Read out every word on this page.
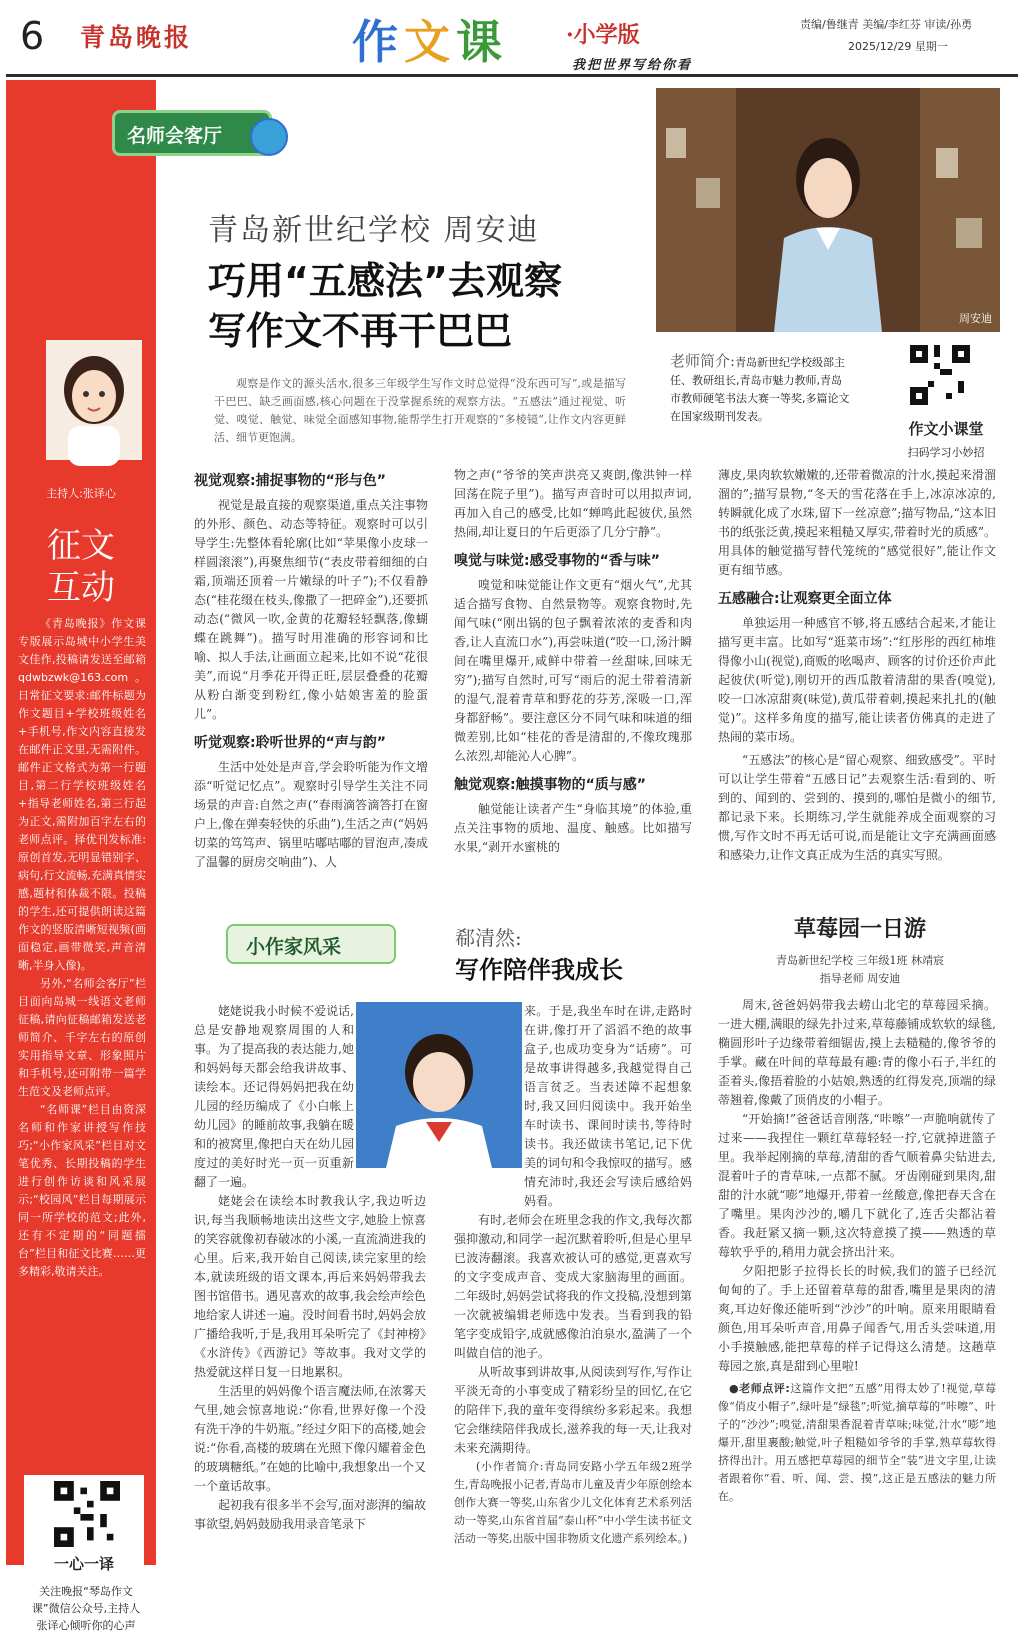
6 青岛晚报	作文课	·小学版
我把世界写给你看
责编/鲁继青 美编/李红芬 审读/孙勇
2025/12/29 星期一
主持人:张译心
征文
互动

《青岛晚报》作文课专版展示岛城中小学生美文佳作,投稿请发送至邮箱qdwbzwk@163.com。日常征文要求:邮件标题为作文题目+学校班级姓名+手机号,作文内容直接发在邮件正文里,无需附件。邮件正文格式为第一行题目,第二行学校班级姓名+指导老师姓名,第三行起为正文,需附加百字左右的老师点评。择优刊发标准:原创首发,无明显错别字、病句,行文流畅,充满真情实感,题材和体裁不限。投稿的学生,还可提供朗读这篇作文的竖版清晰短视频(画面稳定,画带微笑,声音清晰,半身入像)。

另外,“名师会客厅”栏目面向岛城一线语文老师征稿,请向征稿邮箱发送老师简介、千字左右的原创实用指导文章、形象照片和手机号,还可附带一篇学生范文及老师点评。

“名师课”栏目由资深名师和作家讲授写作技巧;“小作家风采”栏目对文笔优秀、长期投稿的学生进行创作访谈和风采展示;“校园风”栏目每期展示同一所学校的范文;此外,还有不定期的“同题擂台”栏目和征文比赛……更多精彩,敬请关注。

一心一译
关注晚报“琴岛作文课”微信公众号,主持人张译心倾听你的心声
名师会客厅
青岛新世纪学校 周安迪
巧用“五感法”去观察
写作文不再干巴巴
观察是作文的源头活水,很多三年级学生写作文时总觉得“没东西可写”,或是描写干巴巴、缺乏画面感,核心问题在于没掌握系统的观察方法。“五感法”通过视觉、听觉、嗅觉、触觉、味觉全面感知事物,能帮学生打开观察的“多棱镜”,让作文内容更鲜活、细节更饱满。
周安迪
老师简介:青岛新世纪学校级部主任、教研组长,青岛市魅力教师,青岛市教师硬笔书法大赛一等奖,多篇论文在国家级期刊发表。
作文小课堂
扫码学习小妙招
视觉观察:捕捉事物的“形与色”
视觉是最直接的观察渠道,重点关注事物的外形、颜色、动态等特征。观察时可以引导学生:先整体看轮廓(比如“苹果像小皮球一样圆滚滚”),再聚焦细节(“表皮带着细细的白霜,顶端还顶着一片嫩绿的叶子”);不仅看静态(“桂花缀在枝头,像撒了一把碎金”),还要抓动态(“微风一吹,金黄的花瓣轻轻飘落,像蝴蝶在跳舞”)。描写时用准确的形容词和比喻、拟人手法,让画面立起来,比如不说“花很美”,而说“月季花开得正旺,层层叠叠的花瓣从粉白渐变到粉红,像小姑娘害羞的脸蛋儿”。
听觉观察:聆听世界的“声与韵”
生活中处处是声音,学会聆听能为作文增添“听觉记忆点”。观察时引导学生关注不同场景的声音:自然之声(“春雨滴答滴答打在窗户上,像在弹奏轻快的乐曲”),生活之声(“妈妈切菜的笃笃声、锅里咕嘟咕嘟的冒泡声,凑成了温馨的厨房交响曲”)、人
物之声(“爷爷的笑声洪亮又爽朗,像洪钟一样回荡在院子里”)。描写声音时可以用拟声词,再加入自己的感受,比如“蝉鸣此起彼伏,虽然热闹,却让夏日的午后更添了几分宁静”。
嗅觉与味觉:感受事物的“香与味”
嗅觉和味觉能让作文更有“烟火气”,尤其适合描写食物、自然景物等。观察食物时,先闻气味(“刚出锅的包子飘着浓浓的麦香和肉香,让人直流口水”),再尝味道(“咬一口,汤汁瞬间在嘴里爆开,咸鲜中带着一丝甜味,回味无穷”);描写自然时,可写“雨后的泥土带着清新的湿气,混着青草和野花的芬芳,深吸一口,浑身都舒畅”。要注意区分不同气味和味道的细微差别,比如“桂花的香是清甜的,不像玫瑰那么浓烈,却能沁人心脾”。
触觉观察:触摸事物的“质与感”
触觉能让读者产生“身临其境”的体验,重点关注事物的质地、温度、触感。比如描写水果,“剥开水蜜桃的
薄皮,果肉软软嫩嫩的,还带着微凉的汁水,摸起来滑溜溜的”;描写景物,“冬天的雪花落在手上,冰凉冰凉的,转瞬就化成了水珠,留下一丝凉意”;描写物品,“这本旧书的纸张泛黄,摸起来粗糙又厚实,带着时光的质感”。用具体的触觉描写替代笼统的“感觉很好”,能让作文更有细节感。
五感融合:让观察更全面立体
单独运用一种感官不够,将五感结合起来,才能让描写更丰富。比如写“逛菜市场”:“红彤彤的西红柿堆得像小山(视觉),商贩的吆喝声、顾客的讨价还价声此起彼伏(听觉),刚切开的西瓜散着清甜的果香(嗅觉),咬一口冰凉甜爽(味觉),黄瓜带着刺,摸起来扎扎的(触觉)”。这样多角度的描写,能让读者仿佛真的走进了热闹的菜市场。
“五感法”的核心是“留心观察、细致感受”。平时可以让学生带着“五感日记”去观察生活:看到的、听到的、闻到的、尝到的、摸到的,哪怕是微小的细节,都记录下来。长期练习,学生就能养成全面观察的习惯,写作文时不再无话可说,而是能让文字充满画面感和感染力,让作文真正成为生活的真实写照。
小作家风采	郗清然:
写作陪伴我成长
姥姥说我小时候不爱说话,总是安静地观察周围的人和事。为了提高我的表达能力,她和妈妈每天都会给我讲故事、读绘本。还记得妈妈把我在幼儿园的经历编成了《小白帐上幼儿园》的睡前故事,我躺在暖和的被窝里,像把白天在幼儿园度过的美好时光一页一页重新翻了一遍。
姥姥会在读绘本时教我认字,我边听边识,每当我顺畅地读出这些文字,她脸上惊喜的笑容就像初春破冰的小溪,一直流淌进我的心里。后来,我开始自己阅读,读完家里的绘本,就读班级的语文课本,再后来妈妈带我去图书馆借书。遇见喜欢的故事,我会绘声绘色地给家人讲述一遍。没时间看书时,妈妈会放广播给我听,于是,我用耳朵听完了《封神榜》《水浒传》《西游记》等故事。我对文学的热爱就这样日复一日地累积。
生活里的妈妈像个语言魔法师,在浓雾天气里,她会惊喜地说:“你看,世界好像一个没有洗干净的牛奶瓶。”经过夕阳下的高楼,她会说:“你看,高楼的玻璃在光照下像闪耀着金色的玻璃糖纸。”在她的比喻中,我想象出一个又一个童话故事。
起初我有很多半不会写,面对澎湃的编故事欲望,妈妈鼓励我用录音笔录下
来。于是,我坐车时在讲,走路时在讲,像打开了滔滔不绝的故事盒子,也成功变身为“话痨”。可是故事讲得越多,我越觉得自己语言贫乏。当表述障不起想象时,我又回归阅读中。我开始坐车时读书、课间时读书,等待时读书。我还做读书笔记,记下优美的词句和令我惊叹的描写。感情充沛时,我还会写读后感给妈妈看。
有时,老师会在班里念我的作文,我每次都强抑激动,和同学一起沉默着聆听,但是心里早已波涛翻滚。我喜欢被认可的感觉,更喜欢写的文字变成声音、变成大家脑海里的画面。二年级时,妈妈尝试将我的作文投稿,没想到第一次就被编辑老师选中发表。当看到我的铅笔字变成铅字,成就感像泊泊泉水,盈满了一个叫做自信的池子。
从听故事到讲故事,从阅读到写作,写作让平淡无奇的小事变成了精彩纷呈的回忆,在它的陪伴下,我的童年变得缤纷多彩起来。我想它会继续陪伴我成长,滋养我的每一天,让我对未来充满期待。
(小作者简介:青岛同安路小学五年级2班学生,青岛晚报小记者,青岛市儿童及青少年原创绘本创作大赛一等奖,山东省少儿文化体育艺术系列活动一等奖,山东省首届“泰山杯”中小学生读书征文活动一等奖,出版中国非物质文化遗产系列绘本。)
草莓园一日游
青岛新世纪学校 三年级1班 林靖宸
指导老师 周安迪
周末,爸爸妈妈带我去崂山北宅的草莓园采摘。一进大棚,满眼的绿先扑过来,草莓藤铺成软软的绿毯,椭圆形叶子边缘带着细锯齿,摸上去糙糙的,像爷爷的手掌。藏在叶间的草莓最有趣:青的像小石子,半红的歪着头,像捂着脸的小姑娘,熟透的红得发亮,顶端的绿蒂翘着,像戴了顶俏皮的小帽子。
“开始摘!”爸爸话音刚落,“咔嚓”一声脆响就传了过来——我捏住一颗红草莓轻轻一拧,它就掉进篮子里。我举起刚摘的草莓,清甜的香气顺着鼻尖钻进去,混着叶子的青草味,一点都不腻。牙齿刚碰到果肉,甜甜的汁水就“嘭”地爆开,带着一丝酸意,像把春天含在了嘴里。果肉沙沙的,嚼几下就化了,连舌尖都沾着香。我赶紧又摘一颗,这次特意摸了摸——熟透的草莓软乎乎的,稍用力就会挤出汁来。
夕阳把影子拉得长长的时候,我们的篮子已经沉甸甸的了。手上还留着草莓的甜香,嘴里是果肉的清爽,耳边好像还能听到“沙沙”的叶响。原来用眼睛看颜色,用耳朵听声音,用鼻子闻香气,用舌头尝味道,用小手摸触感,能把草莓的样子记得这么清楚。这趟草莓园之旅,真是甜到心里啦!
●老师点评:这篇作文把“五感”用得太妙了!视觉,草莓像“俏皮小帽子”,绿叶是“绿毯”;听觉,摘草莓的“咔嚓”、叶子的“沙沙”;嗅觉,清甜果香混着青草味;味觉,汁水“嘭”地爆开,甜里裹酸;触觉,叶子粗糙如爷爷的手掌,熟草莓软得挤得出汁。用五感把草莓园的细节全“装”进文字里,让读者跟着你“看、听、闻、尝、摸”,这正是五感法的魅力所在。
